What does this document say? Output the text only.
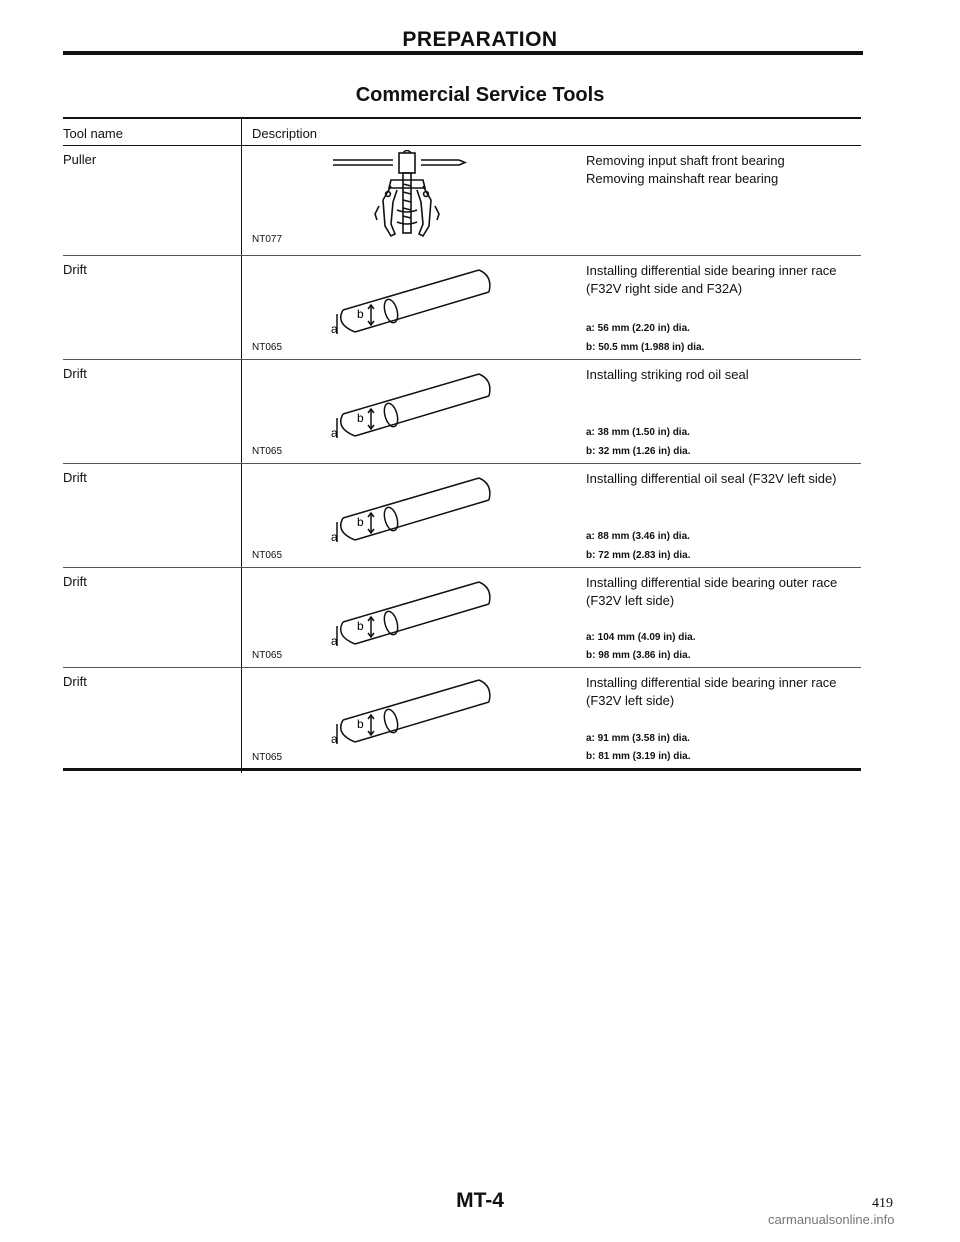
PREPARATION
Commercial Service Tools
Tool name	Description
Puller
NT077
Removing input shaft front bearing
Removing mainshaft rear bearing
Drift
b
a
NT065
Installing differential side bearing inner race (F32V right side and F32A)
a: 56 mm (2.20 in) dia.
b: 50.5 mm (1.988 in) dia.
Drift
b
a
NT065
Installing striking rod oil seal
a: 38 mm (1.50 in) dia.
b: 32 mm (1.26 in) dia.
Drift
b
a
NT065
Installing differential oil seal (F32V left side)
a: 88 mm (3.46 in) dia.
b: 72 mm (2.83 in) dia.
Drift
b
a
NT065
Installing differential side bearing outer race (F32V left side)
a: 104 mm (4.09 in) dia.
b: 98 mm (3.86 in) dia.
Drift
b
a
NT065
Installing differential side bearing inner race (F32V left side)
a: 91 mm (3.58 in) dia.
b: 81 mm (3.19 in) dia.
MT-4	419
carmanualsonline.info
